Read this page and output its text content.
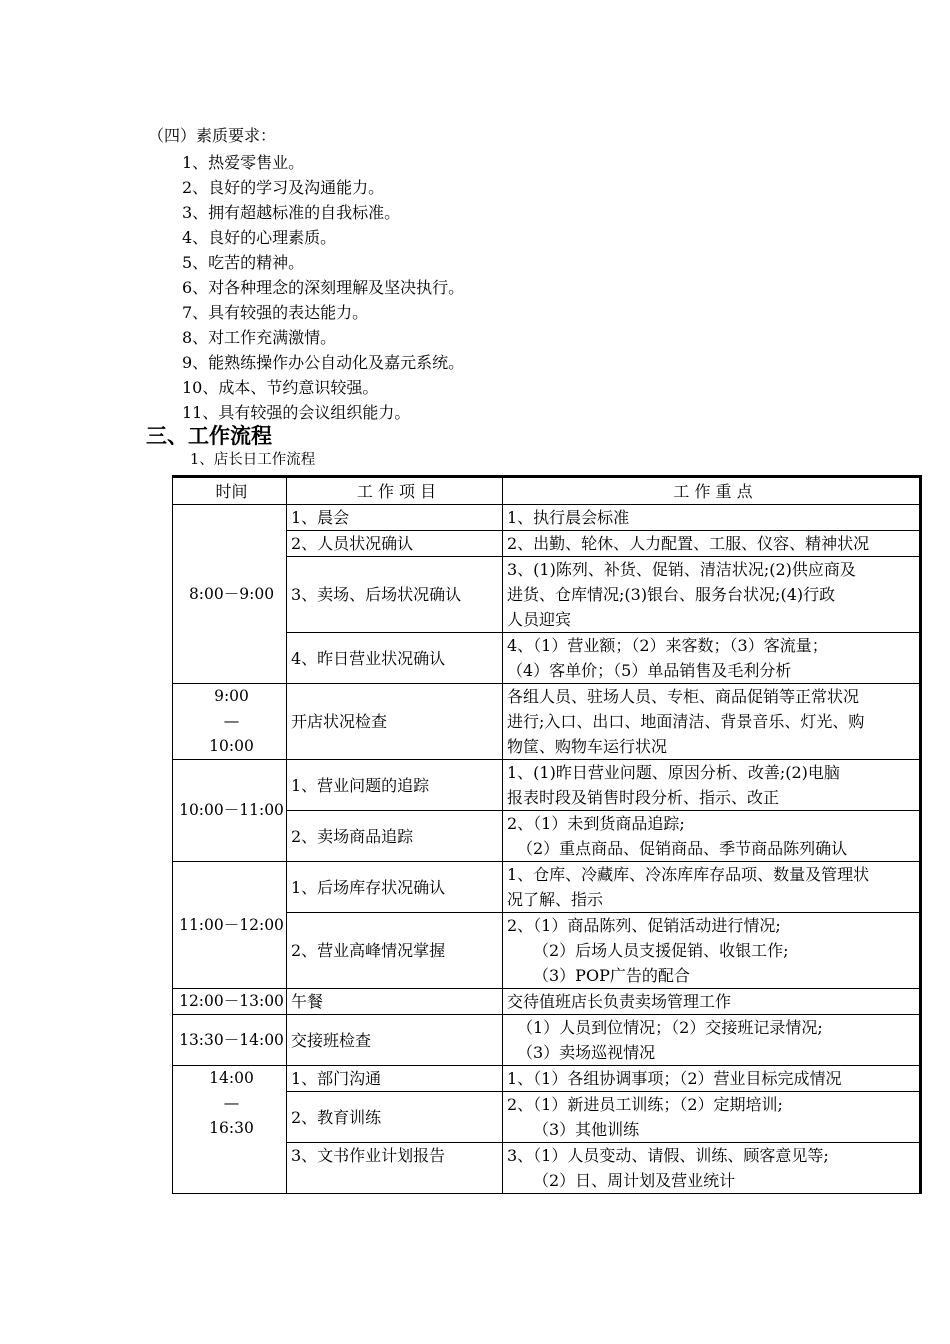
（四）素质要求：
1、热爱零售业。
2、良好的学习及沟通能力。
3、拥有超越标准的自我标准。
4、良好的心理素质。
5、吃苦的精神。
6、对各种理念的深刻理解及坚决执行。
7、具有较强的表达能力。
8、对工作充满激情。
9、能熟练操作办公自动化及嘉元系统。
10、成本、节约意识较强。
11、具有较强的会议组织能力。
三、工作流程
1、店长日工作流程
时间	工 作 项 目	工 作 重 点

8:00－9:00	1、晨会	1、执行晨会标准

	2、人员状况确认	2、出勤、轮休、人力配置、工服、仪容、精神状况

	3、卖场、后场状况确认	3、(1)陈列、补货、促销、清洁状况;(2)供应商及
进货、仓库情况;(3)银台、服务台状况;(4)行政
人员迎宾

	4、昨日营业状况确认	4、（1）营业额；（2）来客数；（3）客流量；
（4）客单价；（5）单品销售及毛利分析

9:00
—
10:00	开店状况检查	各组人员、驻场人员、专柜、商品促销等正常状况
进行;入口、出口、地面清洁、背景音乐、灯光、购
物筐、购物车运行状况

10:00－11:00	1、营业问题的追踪	1、(1)昨日营业问题、原因分析、改善;(2)电脑
报表时段及销售时段分析、指示、改正

	2、卖场商品追踪	2、（1）未到货商品追踪;
（2）重点商品、促销商品、季节商品陈列确认

11:00－12:00	1、后场库存状况确认	1、仓库、冷藏库、冷冻库库存品项、数量及管理状
况了解、指示

	2、营业高峰情况掌握	2、（1）商品陈列、促销活动进行情况;
（2）后场人员支援促销、收银工作;
（3）POP广告的配合

12:00－13:00	午餐	交待值班店长负责卖场管理工作

13:30－14:00	交接班检查	（1）人员到位情况；（2）交接班记录情况;
（3）卖场巡视情况

14:00
—
16:30	1、部门沟通	1、（1）各组协调事项；（2）营业目标完成情况

	2、教育训练	2、（1）新进员工训练；（2）定期培训;
（3）其他训练

	3、文书作业计划报告	3、（1）人员变动、请假、训练、顾客意见等;
（2）日、周计划及营业统计
